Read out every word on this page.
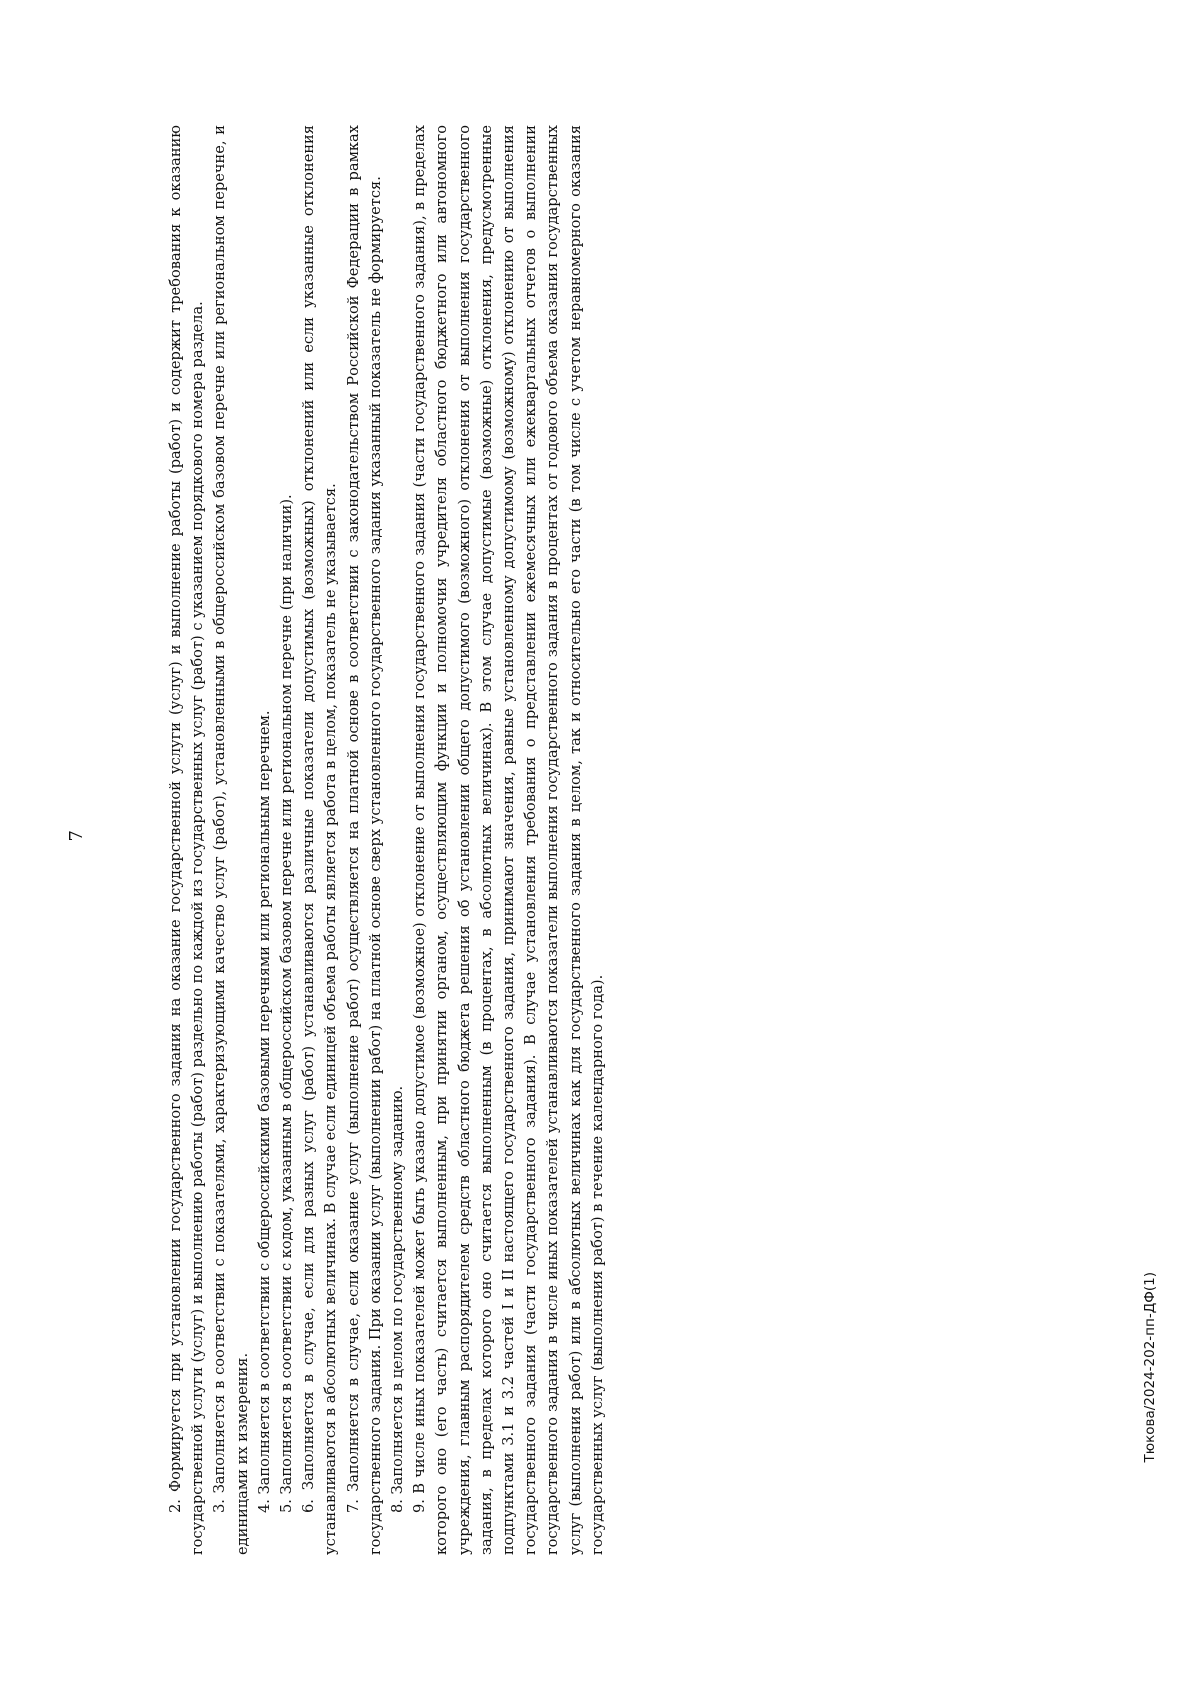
7	2. Формируется при установлении государственного задания на оказание государственной услуги (услуг) и выполнение работы (работ) и содержит требования к оказанию государственной услуги (услуг) и выполнению работы (работ) раздельно по каждой из государственных услуг (работ) с указанием порядкового номера раздела. 3. Заполняется в соответствии с показателями, характеризующими качество услуг (работ), установленными в общероссийском базовом перечне или региональном перечне, и единицами их измерения. 4. Заполняется в соответствии с общероссийскими базовыми перечнями или региональным перечнем. 5. Заполняется в соответствии с кодом, указанным в общероссийском базовом перечне или региональном перечне (при наличии). 6. Заполняется в случае, если для разных услуг (работ) устанавливаются различные показатели допустимых (возможных) отклонений или если указанные отклонения устанавливаются в абсолютных величинах. В случае если единицей объема работы является работа в целом, показатель не указывается. 7. Заполняется в случае, если оказание услуг (выполнение работ) осуществляется на платной основе в соответствии с законодательством Российской Федерации в рамках государственного задания. При оказании услуг (выполнении работ) на платной основе сверх установленного государственного задания указанный показатель не формируется. 8. Заполняется в целом по государственному заданию. 9. В числе иных показателей может быть указано допустимое (возможное) отклонение от выполнения государственного задания (части государственного задания), в пределах которого оно (его часть) считается выполненным, при принятии органом, осуществляющим функции и полномочия учредителя областного бюджетного или автономного учреждения, главным распорядителем средств областного бюджета решения об установлении общего допустимого (возможного) отклонения от выполнения государственного задания, в пределах которого оно считается выполненным (в процентах, в абсолютных величинах). В этом случае допустимые (возможные) отклонения, предусмотренные подпунктами 3.1 и 3.2 частей I и II настоящего государственного задания, принимают значения, равные установленному допустимому (возможному) отклонению от выполнения государственного задания (части государственного задания). В случае установления требования о представлении ежемесячных или ежеквартальных отчетов о выполнении государственного задания в числе иных показателей устанавливаются показатели выполнения государственного задания в процентах от годового объема оказания государственных услуг (выполнения работ) или в абсолютных величинах как для государственного задания в целом, так и относительно его части (в том числе с учетом неравномерного оказания государственных услуг (выполнения работ) в течение календарного года).	Тюкова/2024-202-пп-ДФ(1)
